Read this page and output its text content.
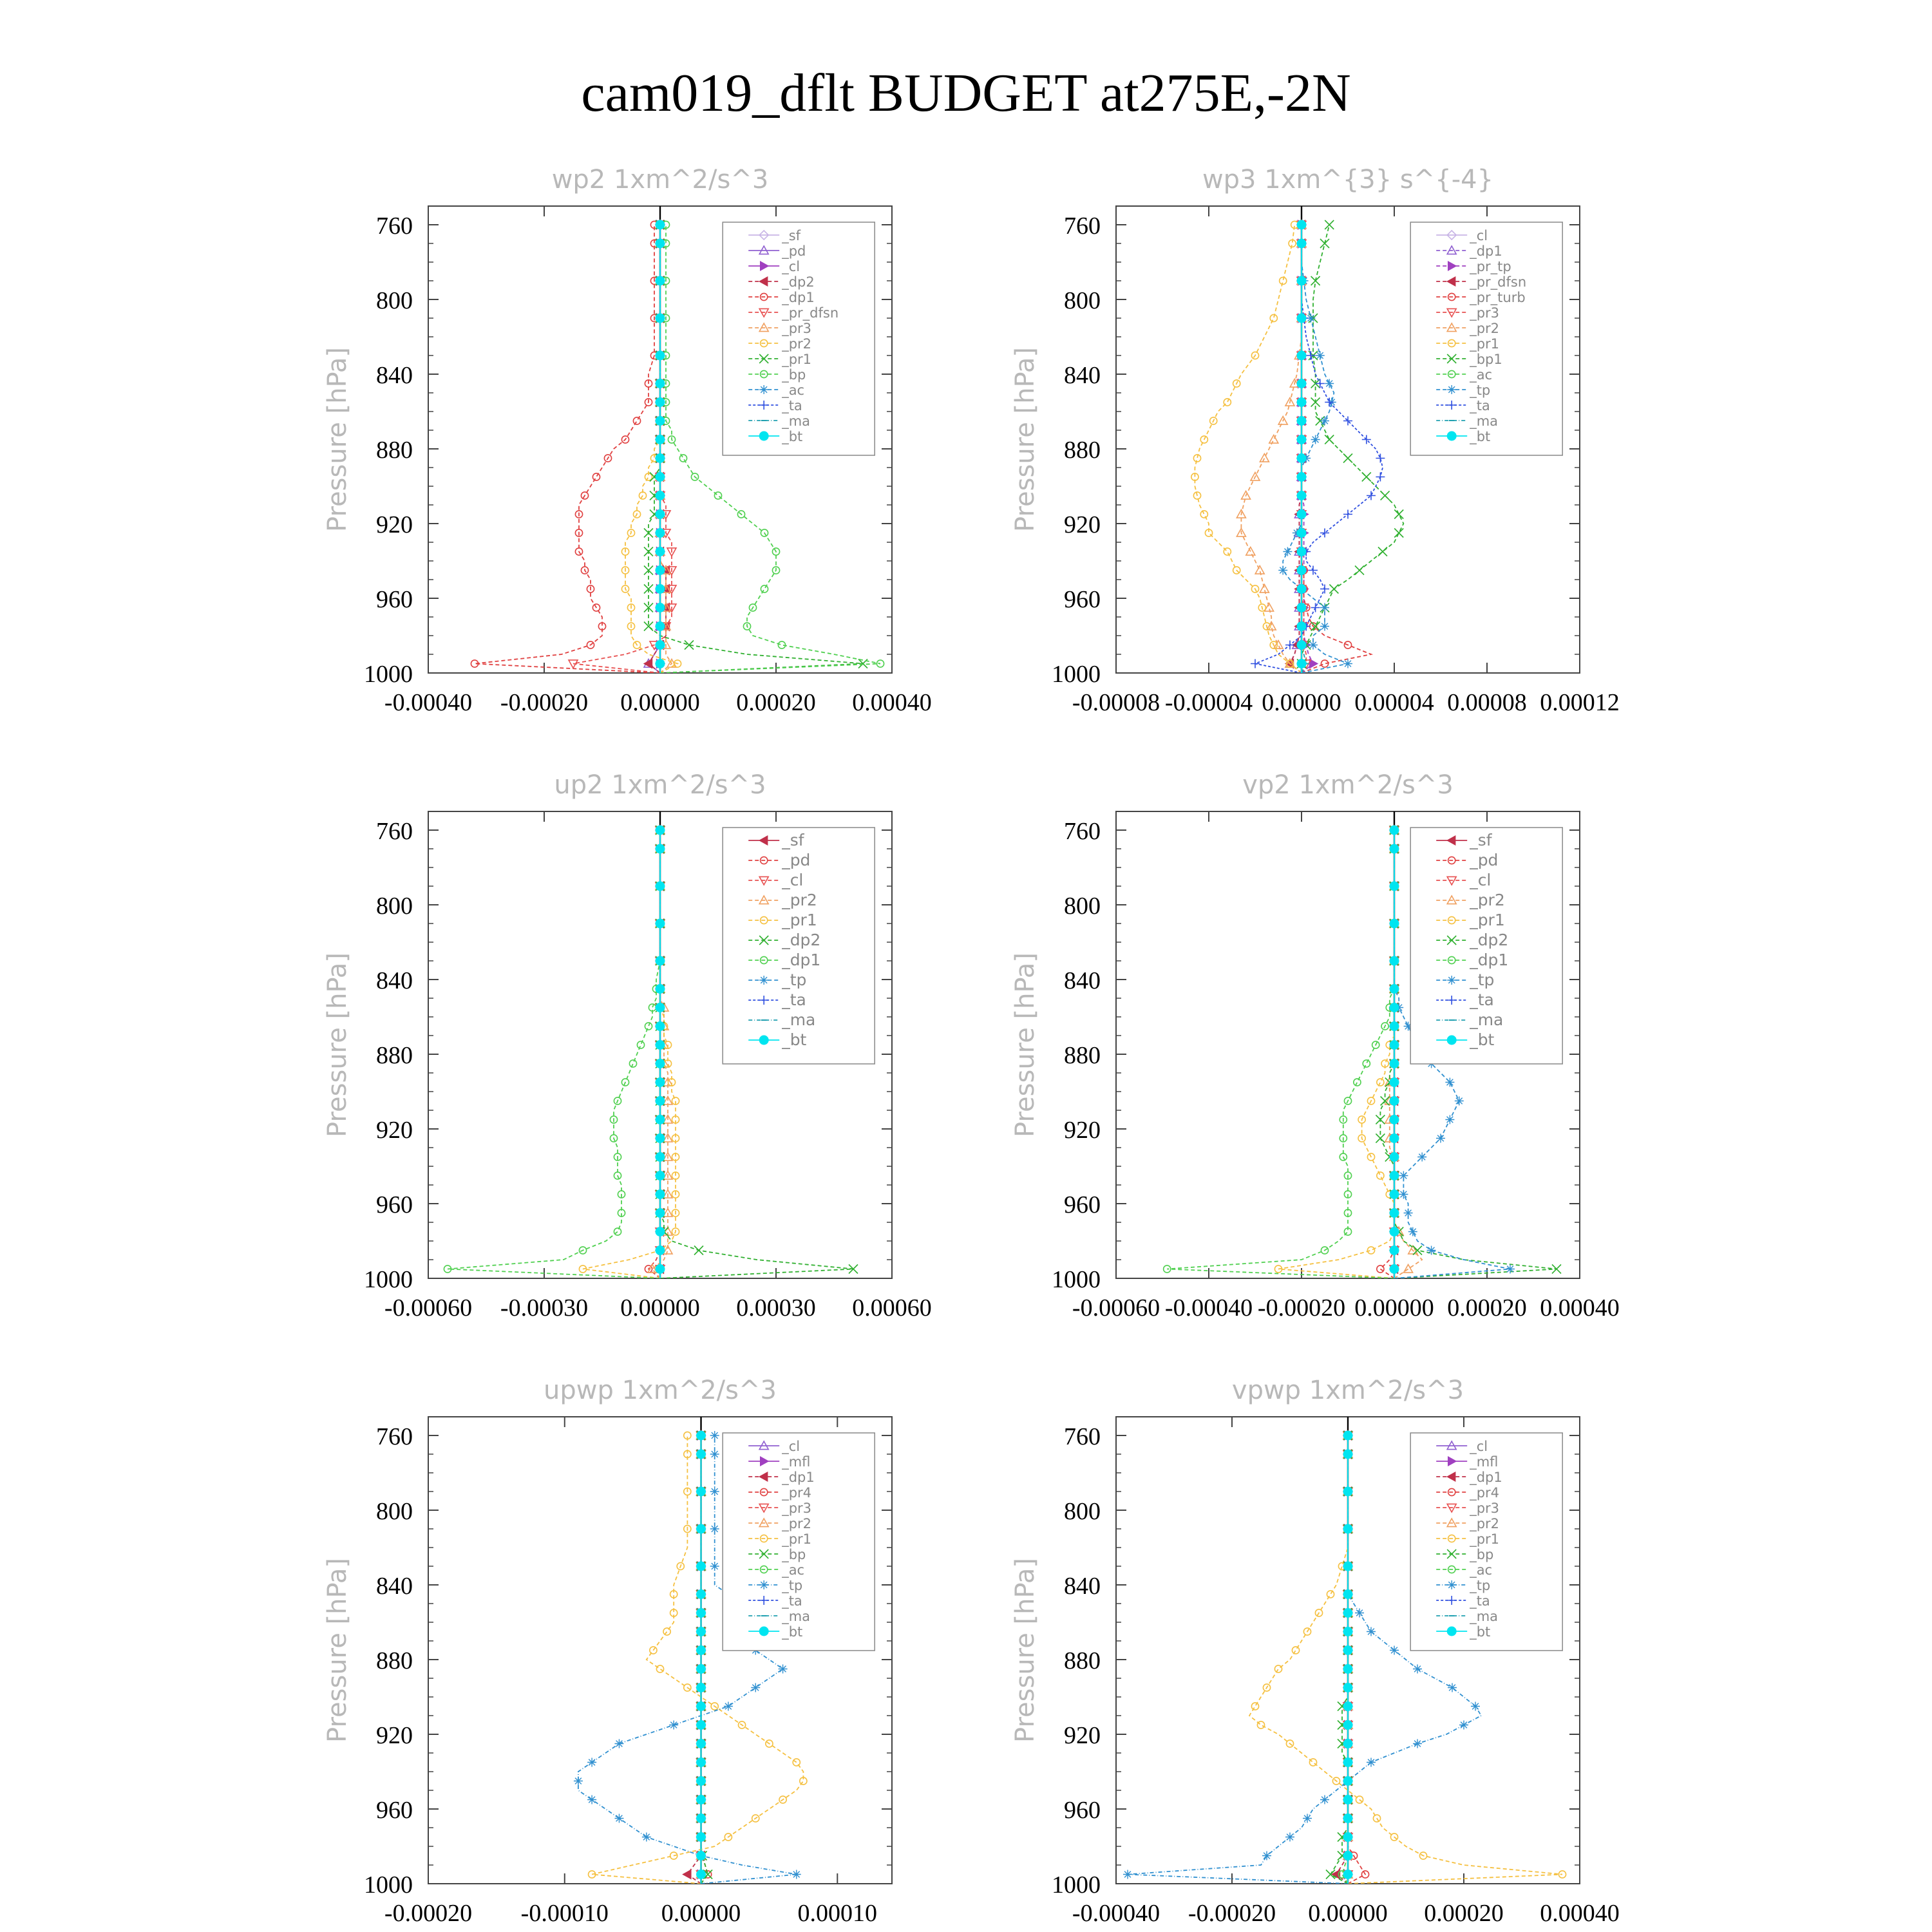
cam019_dflt BUDGET at275E,-2N
wp2 1xm^2/s^3
Pressure [hPa]
760
800
840
880
920
960
1000
-0.00040 -0.00020 0.00000 0.00020 0.00040
_sf
_pd
_cl
_dp2
_dp1
_pr_dfsn
_pr3
_pr2
_pr1
_bp
_ac
_ta
_ma
_bt
wp3 1xm^{3} s^{-4}
Pressure [hPa]
760
800
840
880
920
960
1000
-0.00008 -0.00004 0.00000 0.00004 0.00008 0.00012
_cl
_dp1
_pr_tp
_pr_dfsn
_pr_turb
_pr3
_pr2
_pr1
_bp1
_ac
_tp
_ta
_ma
_bt
up2 1xm^2/s^3
Pressure [hPa]
760
800
840
880
920
960
1000
-0.00060 -0.00030 0.00000 0.00030 0.00060
_sf
_pd
_cl
_pr2
_pr1
_dp2
_dp1
_tp
_ta
_ma
_bt
vp2 1xm^2/s^3
Pressure [hPa]
760
800
840
880
920
960
1000
-0.00060 -0.00040 -0.00020 0.00000 0.00020 0.00040
_sf
_pd
_cl
_pr2
_pr1
_dp2
_dp1
_tp
_ta
_ma
_bt
upwp 1xm^2/s^3
Pressure [hPa]
760
800
840
880
920
960
1000
-0.00020 -0.00010 0.00000 0.00010
_cl
_mfl
_dp1
_pr4
_pr3
_pr2
_pr1
_bp
_ac
_tp
_ta
_ma
_bt
vpwp 1xm^2/s^3
Pressure [hPa]
760
800
840
880
920
960
1000
-0.00040 -0.00020 0.00000 0.00020 0.00040
_cl
_mfl
_dp1
_pr4
_pr3
_pr2
_pr1
_bp
_ac
_tp
_ta
_ma
_bt
